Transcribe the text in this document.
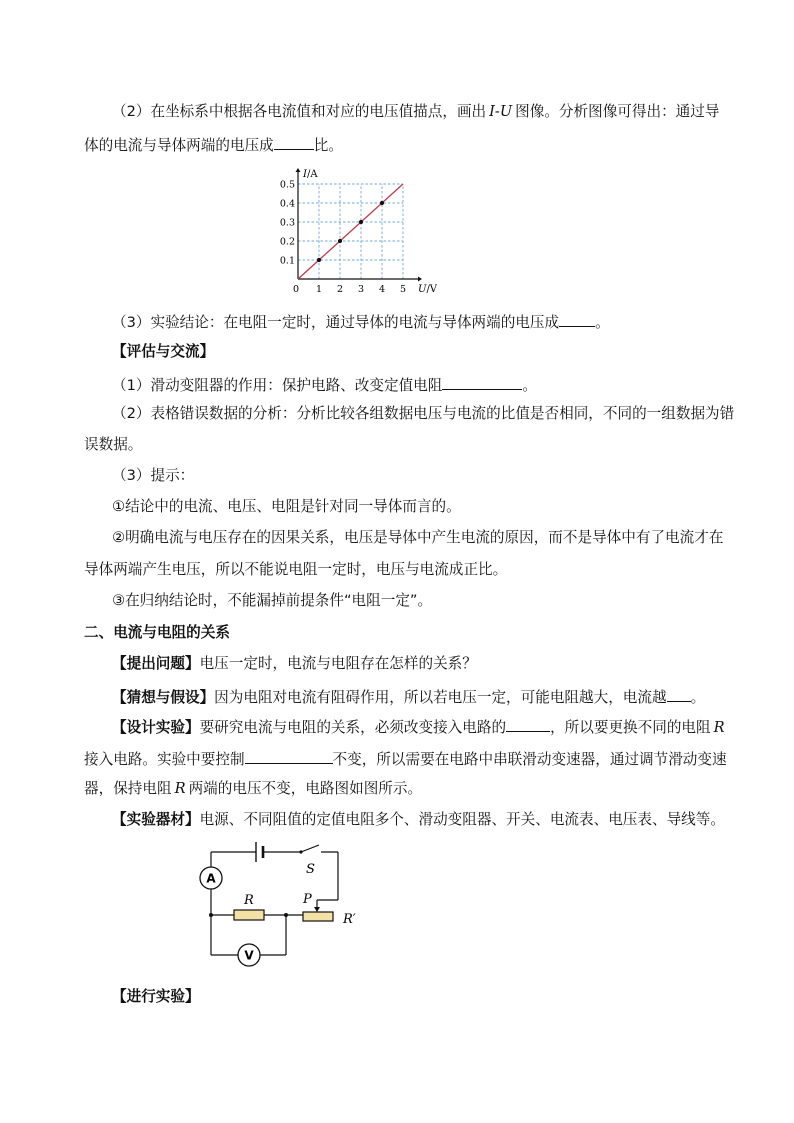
（2）在坐标系中根据各电流值和对应的电压值描点，画出 I-U 图像。分析图像可得出：通过导
体的电流与导体两端的电压成	比。
1 2 3 4 5
0.1
0.2
0.3
0.4
0.5
I/A
U/V
0
（3）实验结论：在电阻一定时，通过导体的电流与导体两端的电压成 。
【评估与交流】
（1）滑动变阻器的作用：保护电路、改变定值电阻	。
（2）表格错误数据的分析：分析比较各组数据电压与电流的比值是否相同，不同的一组数据为错
误数据。
（3）提示：
①结论中的电流、电压、电阻是针对同一导体而言的。
②明确电流与电压存在的因果关系，电压是导体中产生电流的原因，而不是导体中有了电流才在
导体两端产生电压，所以不能说电阻一定时，电压与电流成正比。
③在归纳结论时，不能漏掉前提条件“电阻一定”。
二、电流与电阻的关系
【提出问题】电压一定时，电流与电阻存在怎样的关系？
【猜想与假设】因为电阻对电流有阻碍作用，所以若电压一定，可能电阻越大，电流越 。
【设计实验】要研究电流与电阻的关系，必须改变接入电路的	，所以要更换不同的电阻 R
接入电路。实验中要控制	不变，所以需要在电路中串联滑动变速器，通过调节滑动变速
器，保持电阻 R 两端的电压不变，电路图如图所示。
【实验器材】电源、不同阻值的定值电阻多个、滑动变阻器、开关、电流表、电压表、导线等。
A
V
S
R	P
R′
【进行实验】
